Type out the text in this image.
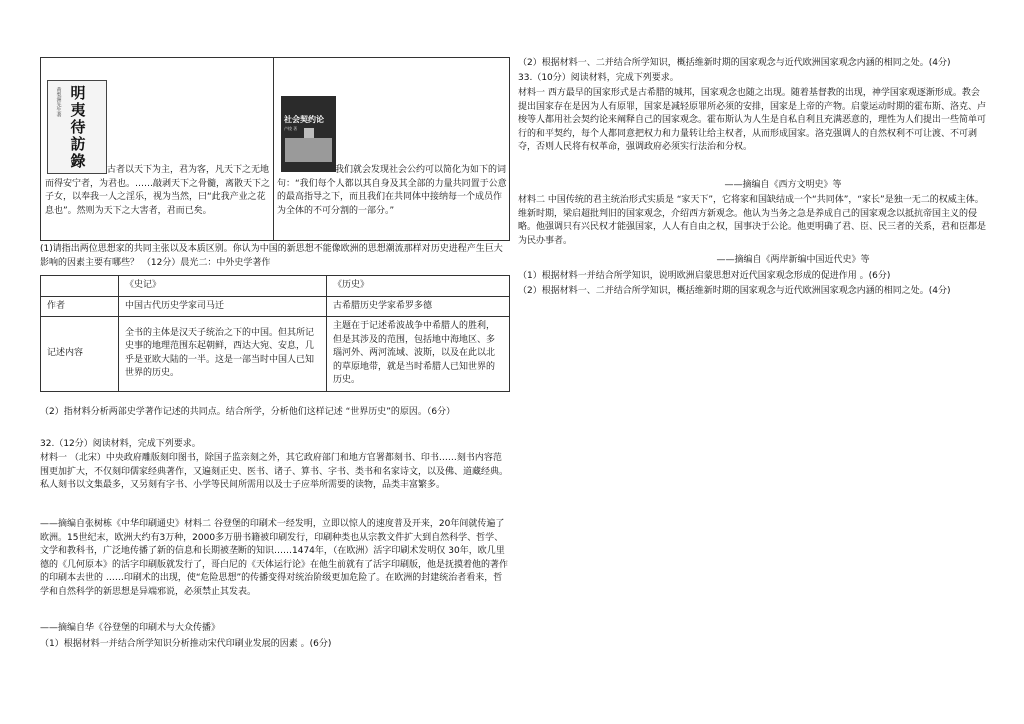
黄梨洲先生著 明夷待訪錄	古者以天下为主，君为客，凡天下之无地而得安宁者，为君也。……敲剥天下之骨髓，离散天下之子女，以奉我一人之淫乐，视为当然，曰“此我产业之花 息也”。然则为天下之大害者，君而已矣。
社会契约论
卢梭 著
我们就会发现社会公约可以简化为如下的词句：“我们每个人都以其自身及其全部的力量共同置于公意的最高指导之下，而且我们在共同体中接纳每一个成员作为全体的不可分割的一部分。”

(1)请指出两位思想家的共同主张以及本质区别。你认为中国的新思想不能像欧洲的思想潮流那样对历史进程产生巨大影响的因素主要有哪些？ （12分）晨光二：中外史学著作

	《史记》	《历史》
作者	中国古代历史学家司马迁	古希腊历史学家希罗多德
记述内容	全书的主体是汉天子统治之下的中国。但其所记史事的地理范围东起朝鲜，西达大宛、安息，几乎是亚欧大陆的一半。这是一部当时中国人已知世界的历史。	主题在于记述希波战争中希腊人的胜利，但是其涉及的范围，包括地中海地区、多瑙河外、两河流域、波斯，以及在此以北的草原地带，就是当时希腊人已知世界的历史。

（2）指材料分析两部史学著作记述的共同点。结合所学，分析他们这样记述 “世界历史”的原因。（6分）

32.（12分）阅读材料，完成下列要求。

材料一 （北宋）中央政府雕版刻印图书，除国子监亲刻之外，其它政府部门和地方官署都刻书、印书……刻书内容范围更加扩大，不仅刻印儒家经典著作，又遍刻正史、医书、诸子、算书、字书、类书和名家诗文，以及佛、道藏经典。私人刻书以文集最多，又另刻有字书、小学等民间所需用以及士子应举所需要的读物，品类丰富繁多。

——摘编自张树栋《中华印刷通史》材料二 谷登堡的印刷术一经发明，立即以惊人的速度普及开来，20年间就传遍了欧洲。15世纪末，欧洲大约有3万种，2000多万册书籍被印刷发行，印刷种类也从宗教文件扩大到自然科学、哲学、文学和教科书，广泛地传播了新的信息和长期被垄断的知识……1474年，（在欧洲）活字印刷术发明仅 30年，欧几里德的《几何原本》的活字印刷版就发行了，哥白尼的《天体运行论》在他生前就有了活字印刷版，他是抚摸着他的著作的印刷本去世的 ……印刷术的出现，使“危险思想”的传播变得对统治阶级更加危险了。在欧洲的封建统治者看来，哲学和自然科学的新思想是异端邪说，必须禁止其发表。

——摘编自华《谷登堡的印刷术与大众传播》

（1）根据材料一并结合所学知识分析推动宋代印刷业发展的因素 。(6分)

（2）根据材料一、二并结合所学知识，概括维新时期的国家观念与近代欧洲国家观念内涵的相同之处。(4分)

33.（10分）阅读材料，完成下列要求。

材料一 西方最早的国家形式是古希腊的城邦，国家观念也随之出现。随着基督教的出现，神学国家观逐渐形成。教会提出国家存在是因为人有原罪，国家是减轻原罪所必须的安排，国家是上帝的产物。启蒙运动时期的霍布斯、洛克、卢梭等人都用社会契约论来阐释自己的国家观念。霍布斯认为人生是自私自利且充满恶意的，理性为人们提出一些简单可行的和平契约，每个人都同意把权力和力量转让给主权者，从而形成国家。洛克强调人的自然权利不可让渡、不可剥夺，否则人民将有权革命，强调政府必须实行法治和分权。

——摘编自《西方文明史》等

材料二 中国传统的君主统治形式实质是 “家天下”，它将家和国缺结成一个“共同体”，“家长”是独一无二的权威主体。维新时期，梁启超批判旧的国家观念，介绍西方新观念。他认为当务之急是养成自己的国家观念以抵抗帝国主义的侵略。他强调只有兴民权才能强国家，人人有自由之权，国事决于公论。他更明确了君、臣、民三者的关系，君和臣都是为民办事者。

——摘编自《两岸新编中国近代史》等

（1）根据材料一并结合所学知识，说明欧洲启蒙思想对近代国家观念形成的促进作用 。(6分)

（2）根据材料一、二并结合所学知识，概括维新时期的国家观念与近代欧洲国家观念内涵的相同之处。(4分)
